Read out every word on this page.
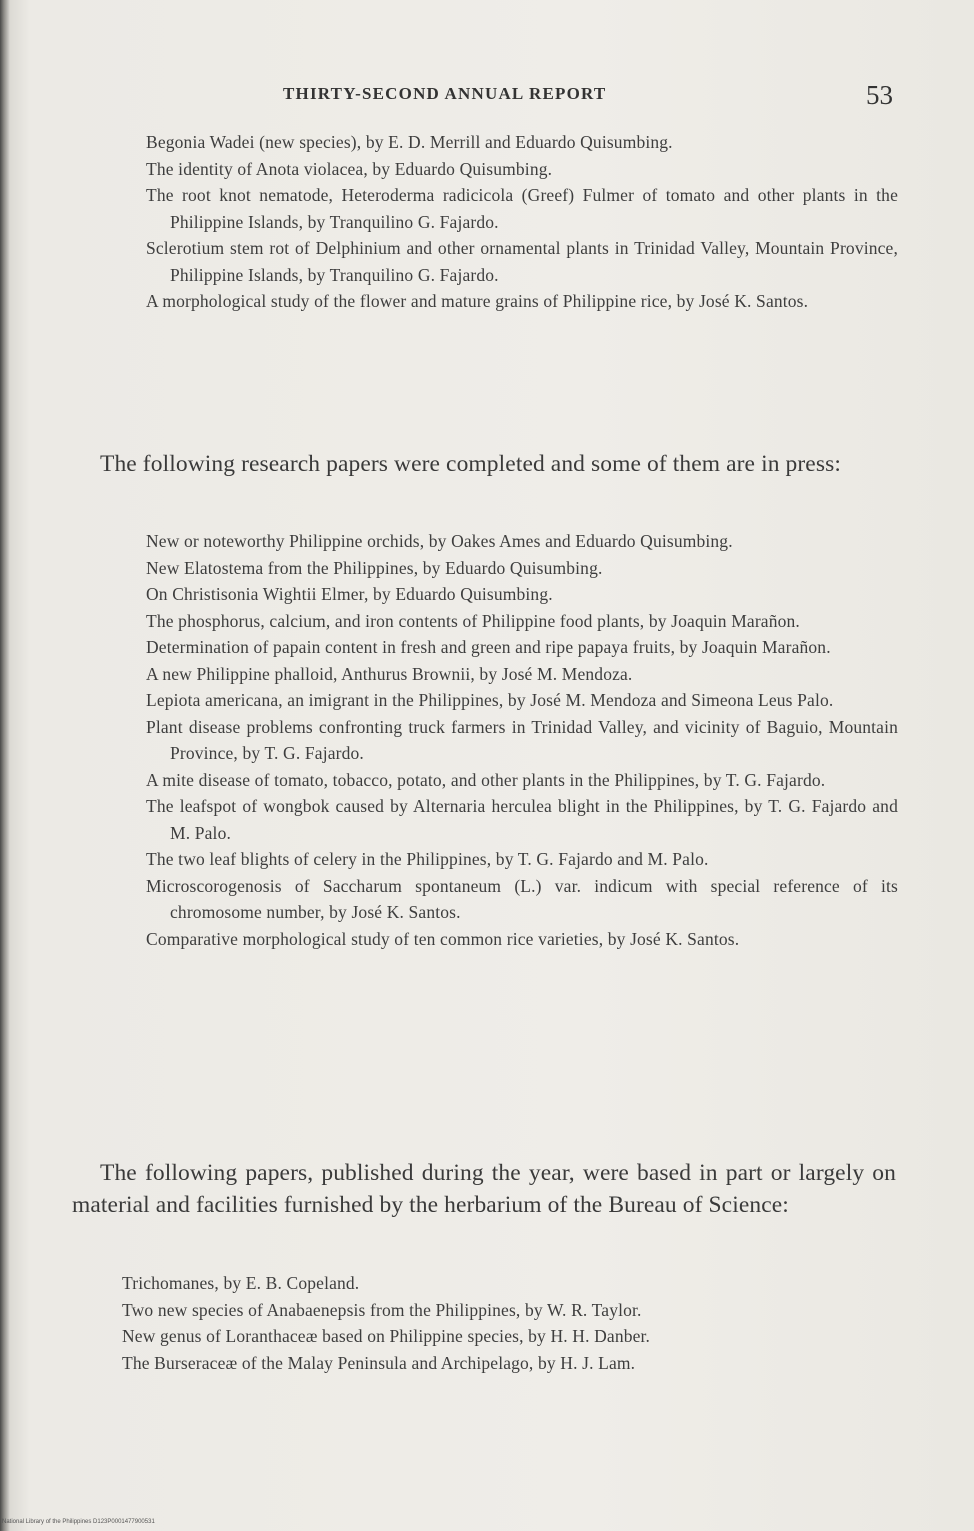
THIRTY-SECOND ANNUAL REPORT	53
Begonia Wadei (new species), by E. D. Merrill and Eduardo Quisumbing.
The identity of Anota violacea, by Eduardo Quisumbing.
The root knot nematode, Heteroderma radicicola (Greef) Fulmer of tomato and other plants in the Philippine Islands, by Tranquilino G. Fajardo.
Sclerotium stem rot of Delphinium and other ornamental plants in Trinidad Valley, Mountain Province, Philippine Islands, by Tranquilino G. Fajardo.
A morphological study of the flower and mature grains of Philippine rice, by José K. Santos.

The following research papers were completed and some of them are in press:

New or noteworthy Philippine orchids, by Oakes Ames and Eduardo Quisumbing.
New Elatostema from the Philippines, by Eduardo Quisumbing.
On Christisonia Wightii Elmer, by Eduardo Quisumbing.
The phosphorus, calcium, and iron contents of Philippine food plants, by Joaquin Marañon.
Determination of papain content in fresh and green and ripe papaya fruits, by Joaquin Marañon.
A new Philippine phalloid, Anthurus Brownii, by José M. Mendoza.
Lepiota americana, an imigrant in the Philippines, by José M. Mendoza and Simeona Leus Palo.
Plant disease problems confronting truck farmers in Trinidad Valley, and vicinity of Baguio, Mountain Province, by T. G. Fajardo.
A mite disease of tomato, tobacco, potato, and other plants in the Philippines, by T. G. Fajardo.
The leafspot of wongbok caused by Alternaria herculea blight in the Philippines, by T. G. Fajardo and M. Palo.
The two leaf blights of celery in the Philippines, by T. G. Fajardo and M. Palo.
Microscorogenosis of Saccharum spontaneum (L.) var. indicum with special reference of its chromosome number, by José K. Santos.
Comparative morphological study of ten common rice varieties, by José K. Santos.

The following papers, published during the year, were based in part or largely on material and facilities furnished by the herbarium of the Bureau of Science:

Trichomanes, by E. B. Copeland.
Two new species of Anabaenepsis from the Philippines, by W. R. Taylor.
New genus of Loranthaceæ based on Philippine species, by H. H. Danber.
The Burseraceæ of the Malay Peninsula and Archipelago, by H. J. Lam.
National Library of the Philippines D123P0001477900531
